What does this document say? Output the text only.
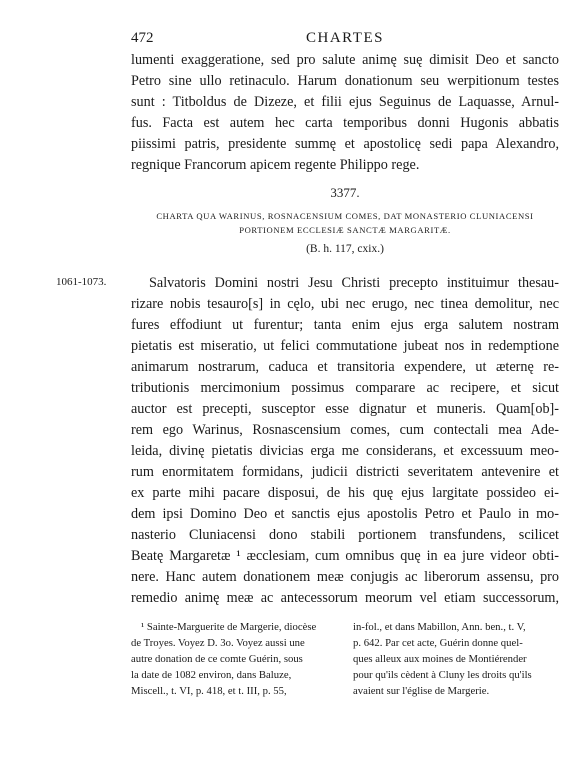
472	CHARTES
lumenti exaggeratione, sed pro salute animę suę dimisit Deo et sancto
Petro sine ullo retinaculo. Harum donationum seu werpitionum testes
sunt : Titboldus de Dizeze, et filii ejus Seguinus de Laquasse, Arnul-
fus. Facta est autem hec carta temporibus donni Hugonis abbatis
piissimi patris, presidente summę et apostolicę sedi papa Alexandro,
regnique Francorum apicem regente Philippo rege.
3377.
CHARTA QUA WARINUS, ROSNACENSIUM COMES, DAT MONASTERIO CLUNIACENSI
PORTIONEM ECCLESIÆ SANCTÆ MARGARITÆ.
(B. h. 117, cxix.)
1061-1073.	Salvatoris Domini nostri Jesu Christi precepto instituimur thesau-
rizare nobis tesauro[s] in cęlo, ubi nec erugo, nec tinea demolitur, nec
fures effodiunt ut furentur; tanta enim ejus erga salutem nostram
pietatis est miseratio, ut felici commutatione jubeat nos in redemptione
animarum nostrarum, caduca et transitoria expendere, ut æternę re-
tributionis mercimonium possimus comparare ac recipere, et sicut
auctor est precepti, susceptor esse dignatur et muneris. Quam[ob]-
rem ego Warinus, Rosnascensium comes, cum contectali mea Ade-
leida, divinę pietatis divicias erga me considerans, et excessuum meo-
rum enormitatem formidans, judicii districti severitatem antevenire et
ex parte mihi pacare disposui, de his quę ejus largitate possideo ei-
dem ipsi Domino Deo et sanctis ejus apostolis Petro et Paulo in mo-
nasterio Cluniacensi dono stabili portionem transfundens, scilicet
Beatę Margaretæ ¹ æcclesiam, cum omnibus quę in ea jure videor obti-
nere. Hanc autem donationem meæ conjugis ac liberorum assensu, pro
remedio animę meæ ac antecessorum meorum vel etiam successorum,
¹ Sainte-Marguerite de Margerie, diocèse
de Troyes. Voyez D. 3o. Voyez aussi une
autre donation de ce comte Guérin, sous
la date de 1082 environ, dans Baluze,
Miscell., t. VI, p. 418, et t. III, p. 55,
in-fol., et dans Mabillon, Ann. ben., t. V,
p. 642. Par cet acte, Guérin donne quel-
ques alleux aux moines de Montiérender
pour qu'ils cèdent à Cluny les droits qu'ils
avaient sur l'église de Margerie.
